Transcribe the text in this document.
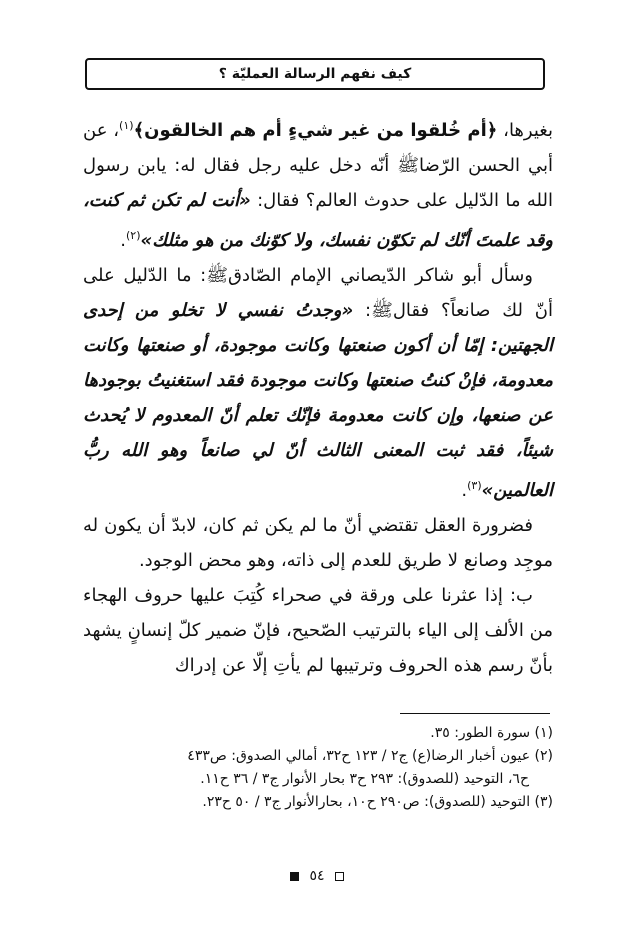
كيف نفهم الرسالة العمليّة ؟

بغيرها، ﴿أم خُلقوا من غير شيءٍ أم هم الخالقون﴾$^{(١)}$، عن أبي الحسن الرّضاﷺ أنّه دخل عليه رجل فقال له: يابن رسول الله ما الدّليل على حدوث العالم؟ فقال: «أنت لم تكن ثم كنت، وقد علمتَ أنّك لم تكوّن نفسك، ولا كوّنك من هو مثلك»$^{(٢)}$.

وسأل أبو شاكر الدّيصاني الإمام الصّادقﷺ: ما الدّليل على أنّ لك صانعاً؟ فقالﷺ: «وجدتُ نفسي لا تخلو من إحدى الجهتين: إمّا أن أكون صنعتها وكانت موجودة، أو صنعتها وكانت معدومة، فإنْ كنتُ صنعتها وكانت موجودة فقد استغنيتُ بوجودها عن صنعها، وإن كانت معدومة فإنّك تعلم أنّ المعدوم لا يُحدث شيئاً، فقد ثبت المعنى الثالث أنّ لي صانعاً وهو الله ربُّ العالمين»$^{(٣)}$.

فضرورة العقل تقتضي أنّ ما لم يكن ثم كان، لابدّ أن يكون له موجِد وصانع لا طريق للعدم إلى ذاته، وهو محض الوجود.

ب: إذا عثرنا على ورقة في صحراء كُتِبَ عليها حروف الهجاء من الألف إلى الياء بالترتيب الصّحيح، فإنّ ضمير كلّ إنسانٍ يشهد بأنّ رسم هذه الحروف وترتيبها لم يأتِ إلّا عن إدراك

(١) سورة الطور: ٣٥.

(٢) عيون أخبار الرضا(ع) ج٢ / ١٢٣ ح٣٢، أمالي الصدوق: ص٤٣٣

ح٦، التوحيد (للصدوق): ٢٩٣ ح٣ بحار الأنوار ج٣ / ٣٦ ح١١.

(٣) التوحيد (للصدوق): ص٢٩٠ ح١٠، بحارالأنوار ج٣ / ٥٠ ح٢٣.

٥٤
